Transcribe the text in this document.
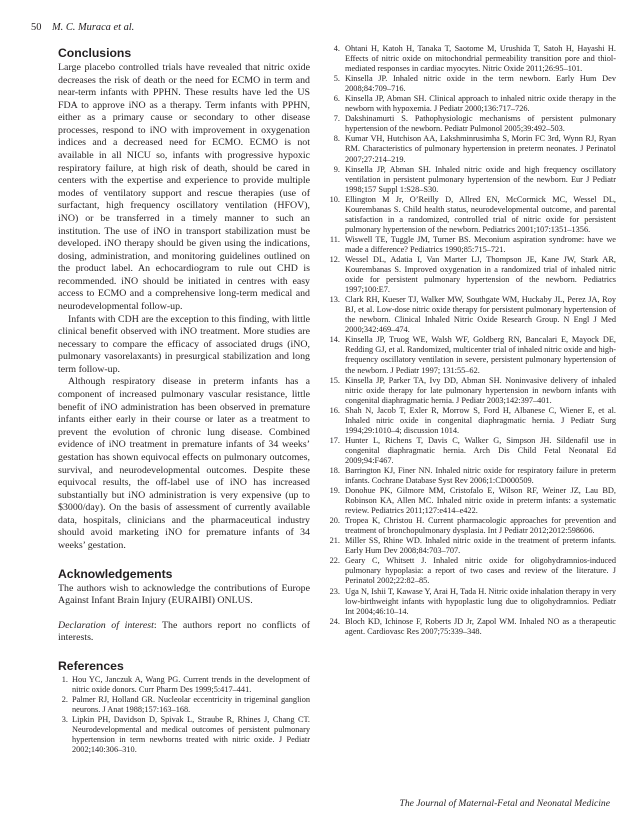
50 M. C. Muraca et al.
Conclusions

Large placebo controlled trials have revealed that nitric oxide decreases the risk of death or the need for ECMO in term and near-term infants with PPHN. These results have led the US FDA to approve iNO as a therapy. Term infants with PPHN, either as a primary cause or secondary to other disease processes, respond to iNO with improvement in oxygenation indices and a decreased need for ECMO. ECMO is not available in all NICU so, infants with progressive hypoxic respiratory failure, at high risk of death, should be cared in centers with the expertise and experience to provide multiple modes of ventilatory support and rescue therapies (use of surfactant, high frequency oscillatory ventilation (HFOV), iNO) or be transferred in a timely manner to such an institution. The use of iNO in transport stabilization must be developed. iNO therapy should be given using the indications, dosing, administration, and monitoring guidelines outlined on the product label. An echocardiogram to rule out CHD is recommended. iNO should be initiated in centres with easy access to ECMO and a comprehensive long-term medical and neurodevelopmental follow-up.

Infants with CDH are the exception to this finding, with little clinical benefit observed with iNO treatment. More studies are necessary to compare the efficacy of associated drugs (iNO, pulmonary vasorelaxants) in presurgical stabilization and long term follow-up.

Although respiratory disease in preterm infants has a component of increased pulmonary vascular resistance, little benefit of iNO administration has been observed in premature infants either early in their course or later as a treatment to prevent the evolution of chronic lung disease. Combined evidence of iNO treatment in premature infants of 34 weeks’ gestation has shown equivocal effects on pulmonary outcomes, survival, and neurodevelopmental outcomes. Despite these equivocal results, the off-label use of iNO has increased substantially but iNO administration is very expensive (up to $3000/day). On the basis of assessment of currently available data, hospitals, clinicians and the pharmaceutical industry should avoid marketing iNO for premature infants of 34 weeks’ gestation.

Acknowledgements

The authors wish to acknowledge the contributions of Europe Against Infant Brain Injury (EURAIBI) ONLUS.

Declaration of interest: The authors report no conflicts of interests.

References
1. Hou YC, Janczuk A, Wang PG. Current trends in the development of nitric oxide donors. Curr Pharm Des 1999;5:417–441.
2. Palmer RJ, Holland GR. Nucleolar eccentricity in trigeminal ganglion neurons. J Anat 1988;157:163–168.
3. Lipkin PH, Davidson D, Spivak L, Straube R, Rhines J, Chang CT. Neurodevelopmental and medical outcomes of persistent pulmonary hypertension in term newborns treated with nitric oxide. J Pediatr 2002;140:306–310.
4. Ohtani H, Katoh H, Tanaka T, Saotome M, Urushida T, Satoh H, Hayashi H. Effects of nitric oxide on mitochondrial permeability transition pore and thiol-mediated responses in cardiac myocytes. Nitric Oxide 2011;26:95–101.
5. Kinsella JP. Inhaled nitric oxide in the term newborn. Early Hum Dev 2008;84:709–716.
6. Kinsella JP, Abman SH. Clinical approach to inhaled nitric oxide therapy in the newborn with hypoxemia. J Pediatr 2000;136:717–726.
7. Dakshinamurti S. Pathophysiologic mechanisms of persistent pulmonary hypertension of the newborn. Pediatr Pulmonol 2005;39:492–503.
8. Kumar VH, Hutchison AA, Lakshminrusimha S, Morin FC 3rd, Wynn RJ, Ryan RM. Characteristics of pulmonary hypertension in preterm neonates. J Perinatol 2007;27:214–219.
9. Kinsella JP, Abman SH. Inhaled nitric oxide and high frequency oscillatory ventilation in persistent pulmonary hypertension of the newborn. Eur J Pediatr 1998;157 Suppl 1:S28–S30.
10. Ellington M Jr, O’Reilly D, Allred EN, McCormick MC, Wessel DL, Kourembanas S. Child health status, neurodevelopmental outcome, and parental satisfaction in a randomized, controlled trial of nitric oxide for persistent pulmonary hypertension of the newborn. Pediatrics 2001;107:1351–1356.
11. Wiswell TE, Tuggle JM, Turner BS. Meconium aspiration syndrome: have we made a difference? Pediatrics 1990;85:715–721.
12. Wessel DL, Adatia I, Van Marter LJ, Thompson JE, Kane JW, Stark AR, Kourembanas S. Improved oxygenation in a randomized trial of inhaled nitric oxide for persistent pulmonary hypertension of the newborn. Pediatrics 1997;100:E7.
13. Clark RH, Kueser TJ, Walker MW, Southgate WM, Huckaby JL, Perez JA, Roy BJ, et al. Low-dose nitric oxide therapy for persistent pulmonary hypertension of the newborn. Clinical Inhaled Nitric Oxide Research Group. N Engl J Med 2000;342:469–474.
14. Kinsella JP, Truog WE, Walsh WF, Goldberg RN, Bancalari E, Mayock DE, Redding GJ, et al. Randomized, multicenter trial of inhaled nitric oxide and high-frequency oscillatory ventilation in severe, persistent pulmonary hypertension of the newborn. J Pediatr 1997; 131:55–62.
15. Kinsella JP, Parker TA, Ivy DD, Abman SH. Noninvasive delivery of inhaled nitric oxide therapy for late pulmonary hypertension in newborn infants with congenital diaphragmatic hernia. J Pediatr 2003;142:397–401.
16. Shah N, Jacob T, Exler R, Morrow S, Ford H, Albanese C, Wiener E, et al. Inhaled nitric oxide in congenital diaphragmatic hernia. J Pediatr Surg 1994;29:1010–4; discussion 1014.
17. Hunter L, Richens T, Davis C, Walker G, Simpson JH. Sildenafil use in congenital diaphragmatic hernia. Arch Dis Child Fetal Neonatal Ed 2009;94:F467.
18. Barrington KJ, Finer NN. Inhaled nitric oxide for respiratory failure in preterm infants. Cochrane Database Syst Rev 2006;1:CD000509.
19. Donohue PK, Gilmore MM, Cristofalo E, Wilson RF, Weiner JZ, Lau BD, Robinson KA, Allen MC. Inhaled nitric oxide in preterm infants: a systematic review. Pediatrics 2011;127:e414–e422.
20. Tropea K, Christou H. Current pharmacologic approaches for prevention and treatment of bronchopulmonary dysplasia. Int J Pediatr 2012;2012:598606.
21. Miller SS, Rhine WD. Inhaled nitric oxide in the treatment of preterm infants. Early Hum Dev 2008;84:703–707.
22. Geary C, Whitsett J. Inhaled nitric oxide for oligohydramnios-induced pulmonary hypoplasia: a report of two cases and review of the literature. J Perinatol 2002;22:82–85.
23. Uga N, Ishii T, Kawase Y, Arai H, Tada H. Nitric oxide inhalation therapy in very low-birthweight infants with hypoplastic lung due to oligohydramnios. Pediatr Int 2004;46:10–14.
24. Bloch KD, Ichinose F, Roberts JD Jr, Zapol WM. Inhaled NO as a therapeutic agent. Cardiovasc Res 2007;75:339–348.
The Journal of Maternal-Fetal and Neonatal Medicine
